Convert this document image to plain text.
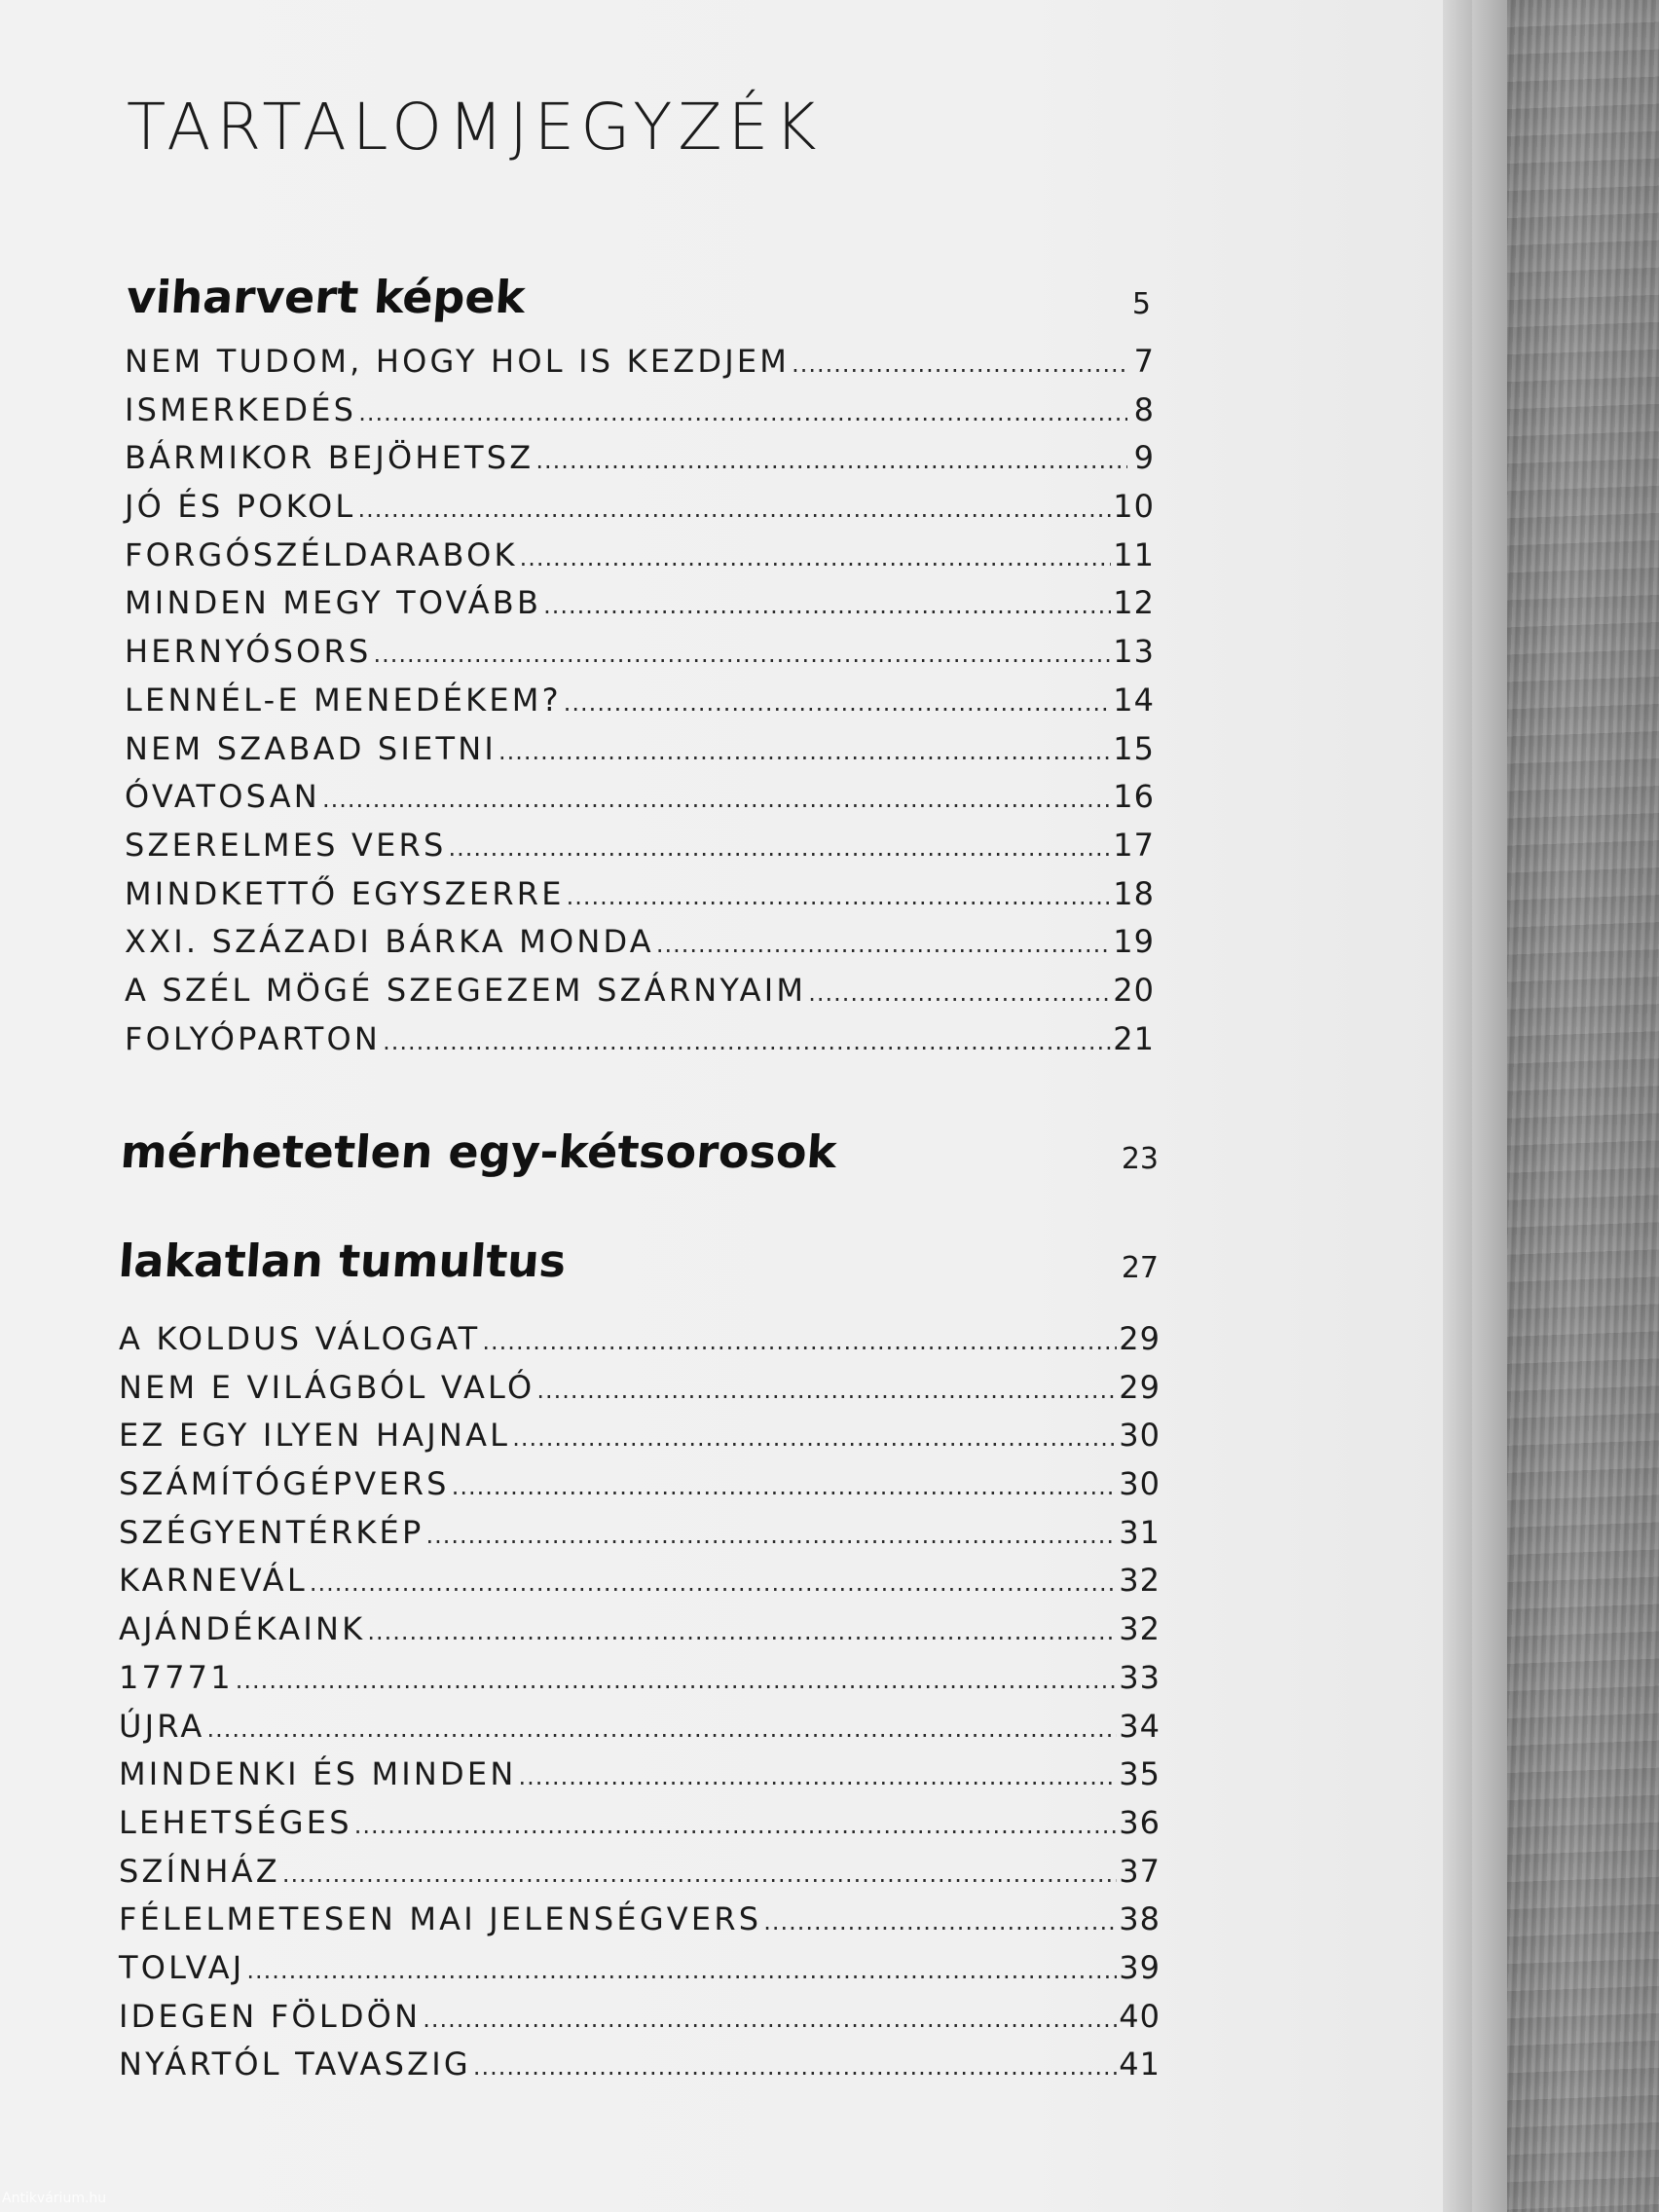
TARTALOMJEGYZÉK
viharvert képek	5
NEM TUDOM, HOGY HOL IS KEZDJEM .....	7
ISMERKEDÉS .....	8
BÁRMIKOR BEJÖHETSZ .....	9
JÓ ÉS POKOL .....	10
FORGÓSZÉLDARABOK .....	11
MINDEN MEGY TOVÁBB .....	12
HERNYÓSORS .....	13
LENNÉL-E MENEDÉKEM? .....	14
NEM SZABAD SIETNI .....	15
ÓVATOSAN .....	16
SZERELMES VERS .....	17
MINDKETTŐ EGYSZERRE .....	18
XXI. SZÁZADI BÁRKA MONDA .....	19
A SZÉL MÖGÉ SZEGEZEM SZÁRNYAIM .....	20
FOLYÓPARTON .....	21
mérhetetlen egy-kétsorosok	23
lakatlan tumultus	27
A KOLDUS VÁLOGAT .....	29
NEM E VILÁGBÓL VALÓ .....	29
EZ EGY ILYEN HAJNAL .....	30
SZÁMÍTÓGÉPVERS .....	30
SZÉGYENTÉRKÉP .....	31
KARNEVÁL .....	32
AJÁNDÉKAINK .....	32
17771 .....	33
ÚJRA .....	34
MINDENKI ÉS MINDEN .....	35
LEHETSÉGES .....	36
SZÍNHÁZ .....	37
FÉLELMETESEN MAI JELENSÉGVERS .....	38
TOLVAJ .....	39
IDEGEN FÖLDÖN .....	40
NYÁRTÓL TAVASZIG .....	41
Antikvárium.hu
